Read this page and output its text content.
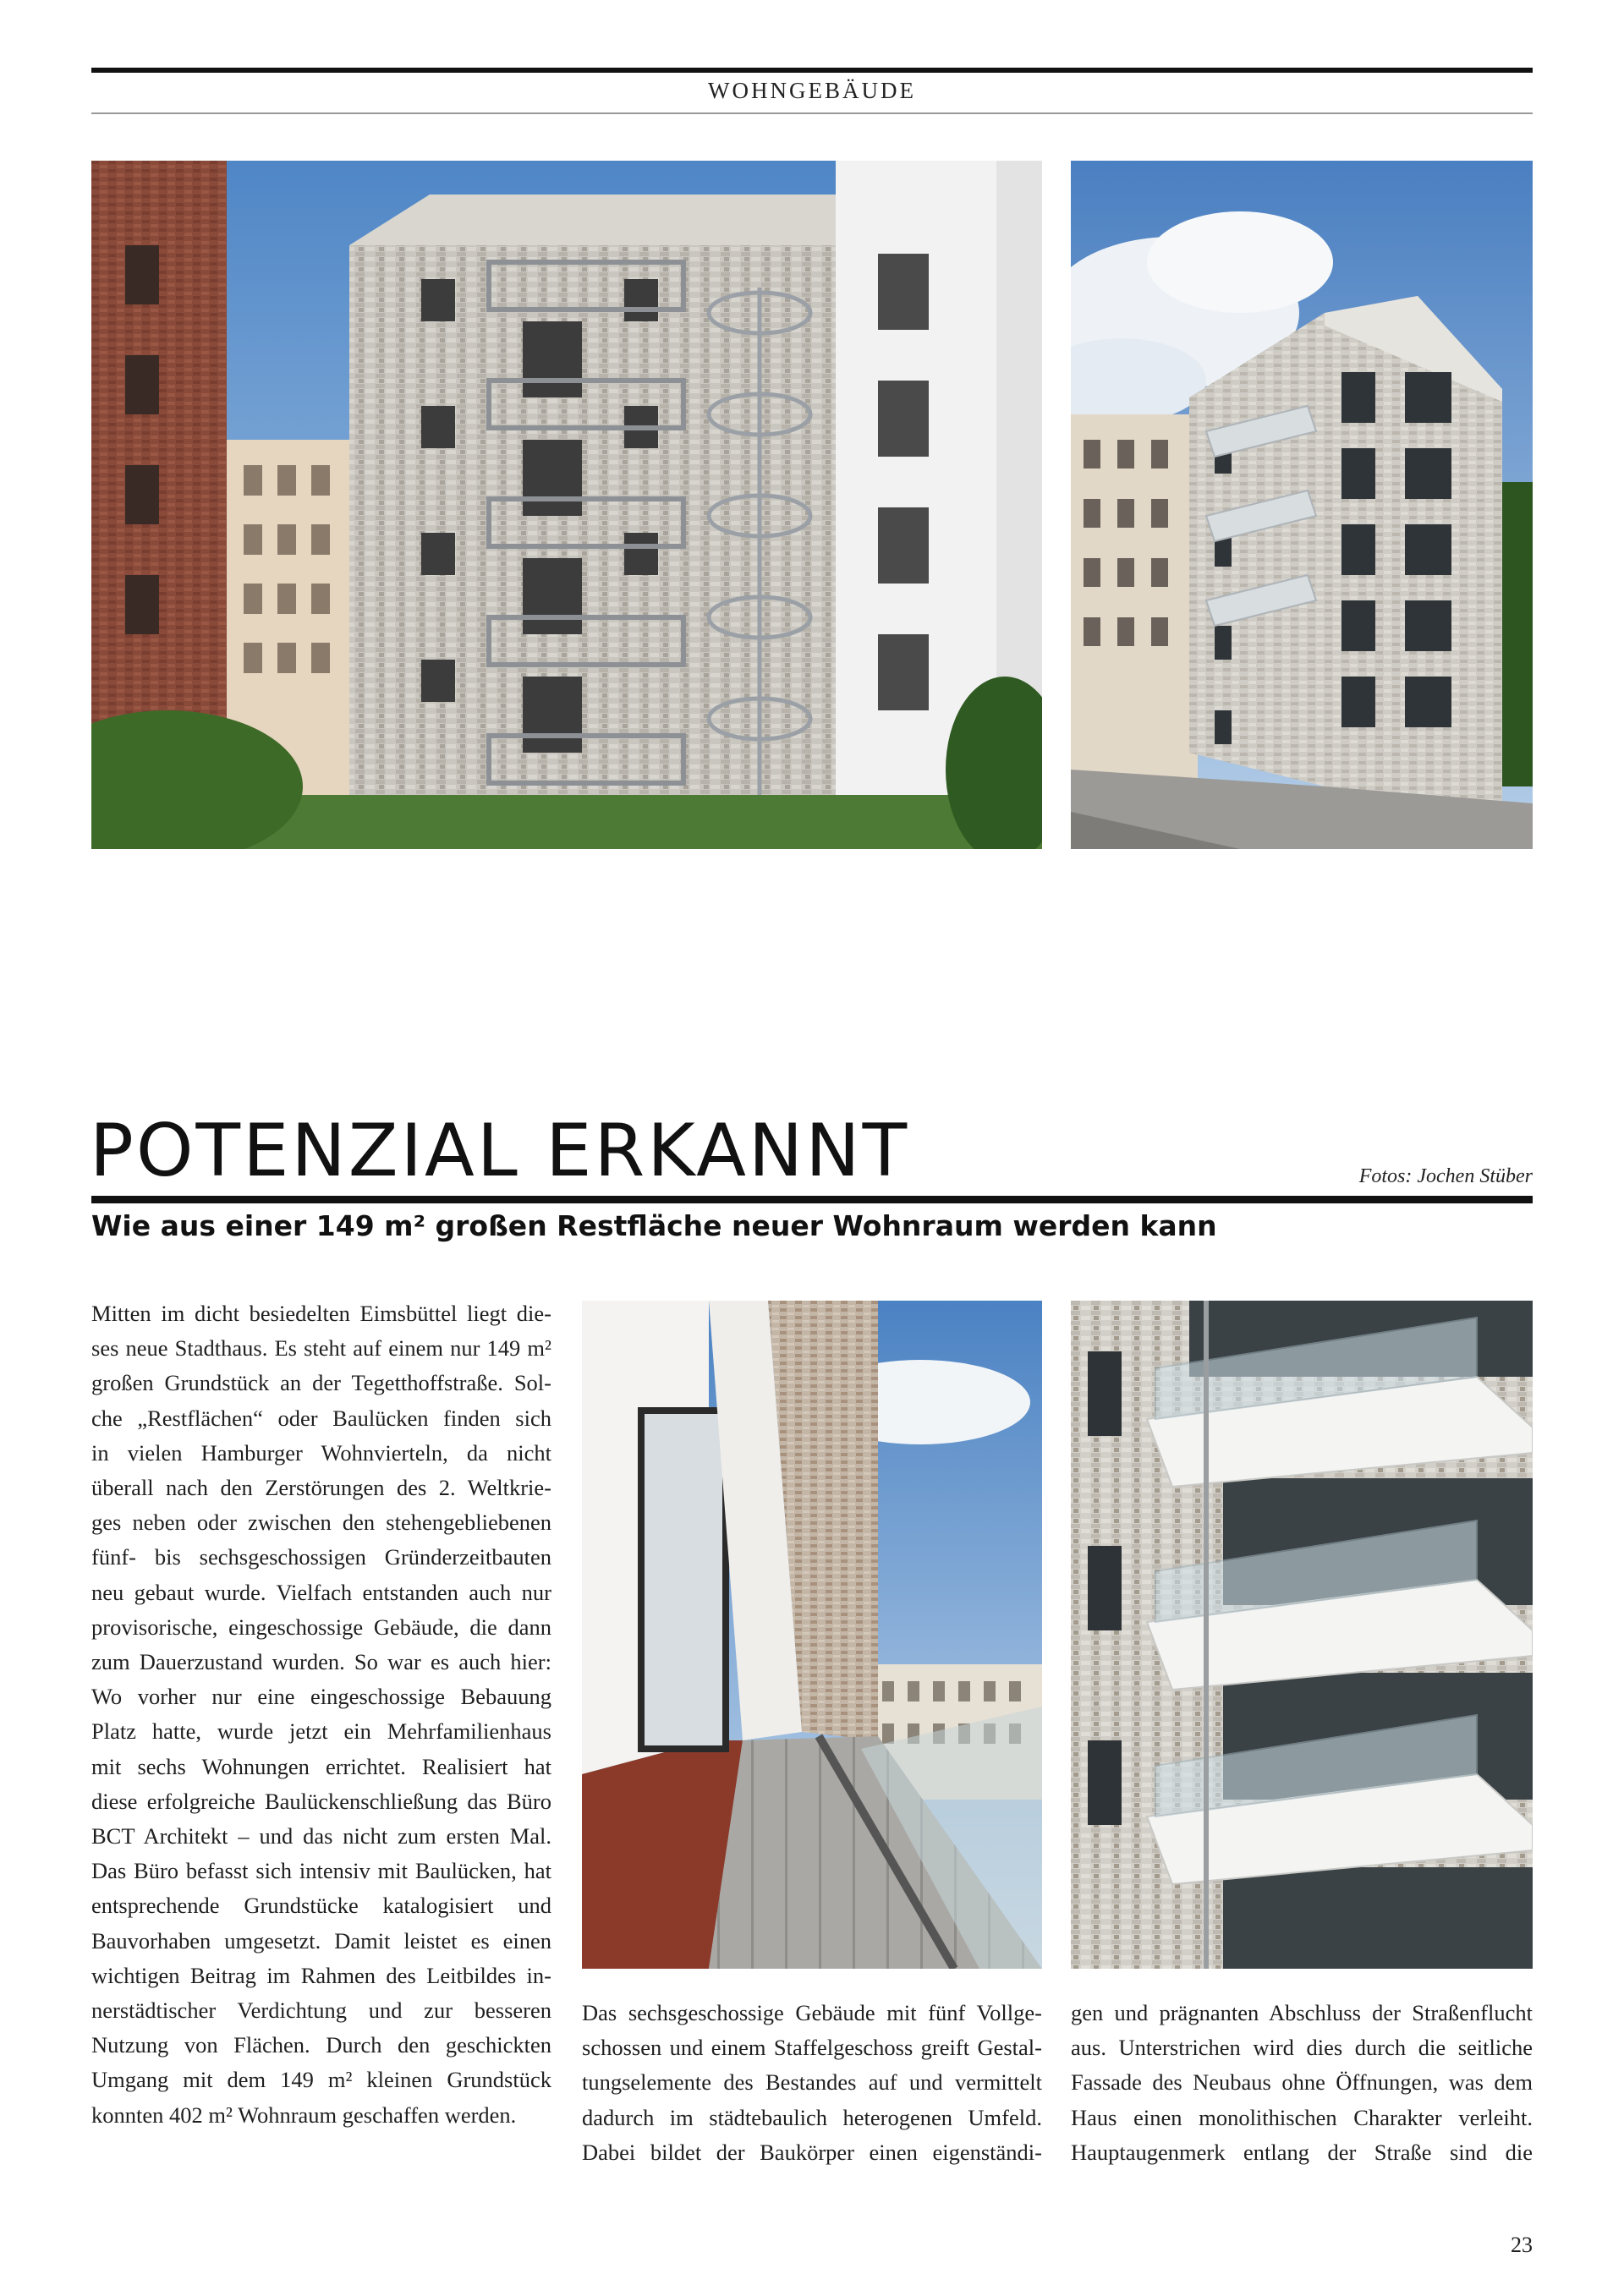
WOHNGEBÄUDE
POTENZIAL ERKANNT	Fotos: Jochen Stüber
Wie aus einer 149 m² großen Restfläche neuer Wohnraum werden kann

Mitten im dicht besiedelten Eimsbüttel liegt die-

ses neue Stadthaus. Es steht auf einem nur 149 m²

großen Grundstück an der Tegetthoffstraße. Sol-

che „Restflächen“ oder Baulücken finden sich

in vielen Hamburger Wohnvierteln, da nicht

überall nach den Zerstörungen des 2. Weltkrie-

ges neben oder zwischen den stehengebliebenen

fünf- bis sechsgeschossigen Gründerzeitbauten

neu gebaut wurde. Vielfach entstanden auch nur

provisorische, eingeschossige Gebäude, die dann

zum Dauerzustand wurden. So war es auch hier:

Wo vorher nur eine eingeschossige Bebauung

Platz hatte, wurde jetzt ein Mehrfamilienhaus

mit sechs Wohnungen errichtet. Realisiert hat

diese erfolgreiche Baulückenschließung das Büro

BCT Architekt – und das nicht zum ersten Mal.

Das Büro befasst sich intensiv mit Baulücken, hat

entsprechende Grundstücke katalogisiert und

Bauvorhaben umgesetzt. Damit leistet es einen

wichtigen Beitrag im Rahmen des Leitbildes in-

nerstädtischer Verdichtung und zur besseren

Nutzung von Flächen. Durch den geschickten

Umgang mit dem 149 m² kleinen Grundstück

konnten 402 m² Wohnraum geschaffen werden.

Das sechsgeschossige Gebäude mit fünf Vollge-

schossen und einem Staffelgeschoss greift Gestal-

tungselemente des Bestandes auf und vermittelt

dadurch im städtebaulich heterogenen Umfeld.

Dabei bildet der Baukörper einen eigenständi-

gen und prägnanten Abschluss der Straßenflucht

aus. Unterstrichen wird dies durch die seitliche

Fassade des Neubaus ohne Öffnungen, was dem

Haus einen monolithischen Charakter verleiht.

Hauptaugenmerk entlang der Straße sind die

23
